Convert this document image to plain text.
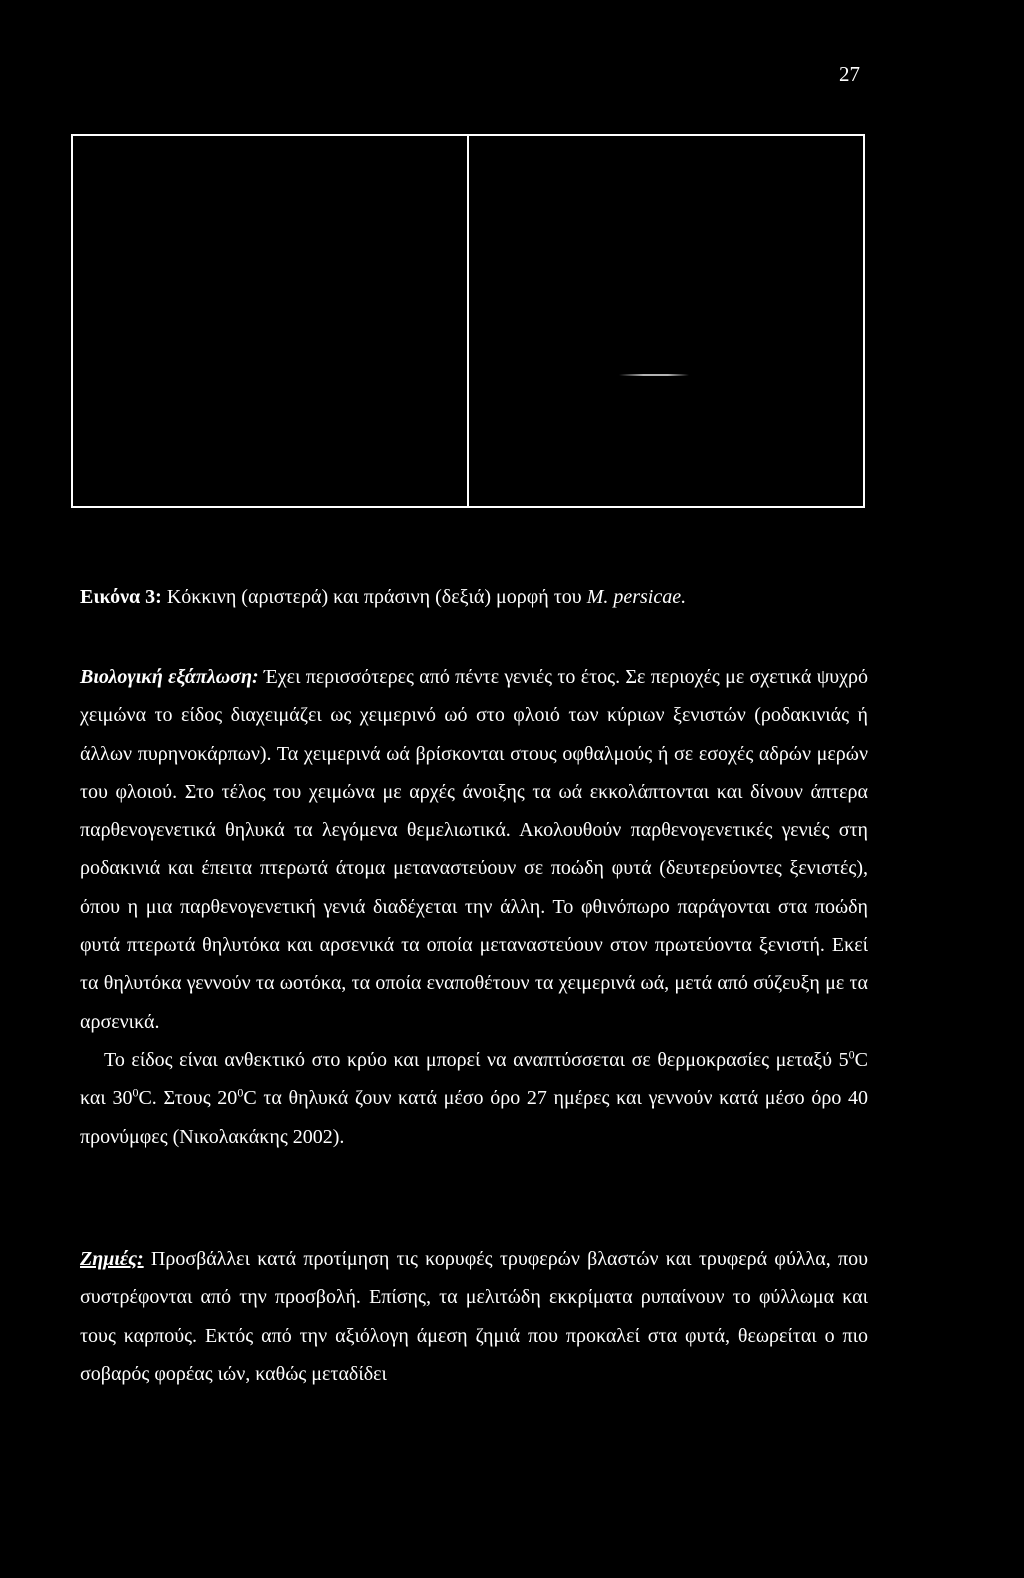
27
Εικόνα 3: Κόκκινη (αριστερά) και πράσινη (δεξιά) μορφή του M. persicae.

Βιολογική εξάπλωση: Έχει περισσότερες από πέντε γενιές το έτος. Σε περιοχές με σχετικά ψυχρό χειμώνα το είδος διαχειμάζει ως χειμερινό ωό στο φλοιό των κύριων ξενιστών (ροδακινιάς ή άλλων πυρηνοκάρπων). Τα χειμερινά ωά βρίσκονται στους οφθαλμούς ή σε εσοχές αδρών μερών του φλοιού. Στο τέλος του χειμώνα με αρχές άνοιξης τα ωά εκκολάπτονται και δίνουν άπτερα παρθενογενετικά θηλυκά τα λεγόμενα θεμελιωτικά. Ακολουθούν παρθενογενετικές γενιές στη ροδακινιά και έπειτα πτερωτά άτομα μεταναστεύουν σε ποώδη φυτά (δευτερεύοντες ξενιστές), όπου η μια παρθενογενετική γενιά διαδέχεται την άλλη. Το φθινόπωρο παράγονται στα ποώδη φυτά πτερωτά θηλυτόκα και αρσενικά τα οποία μεταναστεύουν στον πρωτεύοντα ξενιστή. Εκεί τα θηλυτόκα γεννούν τα ωοτόκα, τα οποία εναποθέτουν τα χειμερινά ωά, μετά από σύζευξη με τα αρσενικά.

Το είδος είναι ανθεκτικό στο κρύο και μπορεί να αναπτύσσεται σε θερμοκρασίες μεταξύ $5^0C$ και $30^0C$. Στους $20^0C$ τα θηλυκά ζουν κατά μέσο όρο 27 ημέρες και γεννούν κατά μέσο όρο 40 προνύμφες (Νικολακάκης 2002).

Ζημιές: Προσβάλλει κατά προτίμηση τις κορυφές τρυφερών βλαστών και τρυφερά φύλλα, που συστρέφονται από την προσβολή. Επίσης, τα μελιτώδη εκκρίματα ρυπαίνουν το φύλλωμα και τους καρπούς. Εκτός από την αξιόλογη άμεση ζημιά που προκαλεί στα φυτά, θεωρείται ο πιο σοβαρός φορέας ιών, καθώς μεταδίδει
